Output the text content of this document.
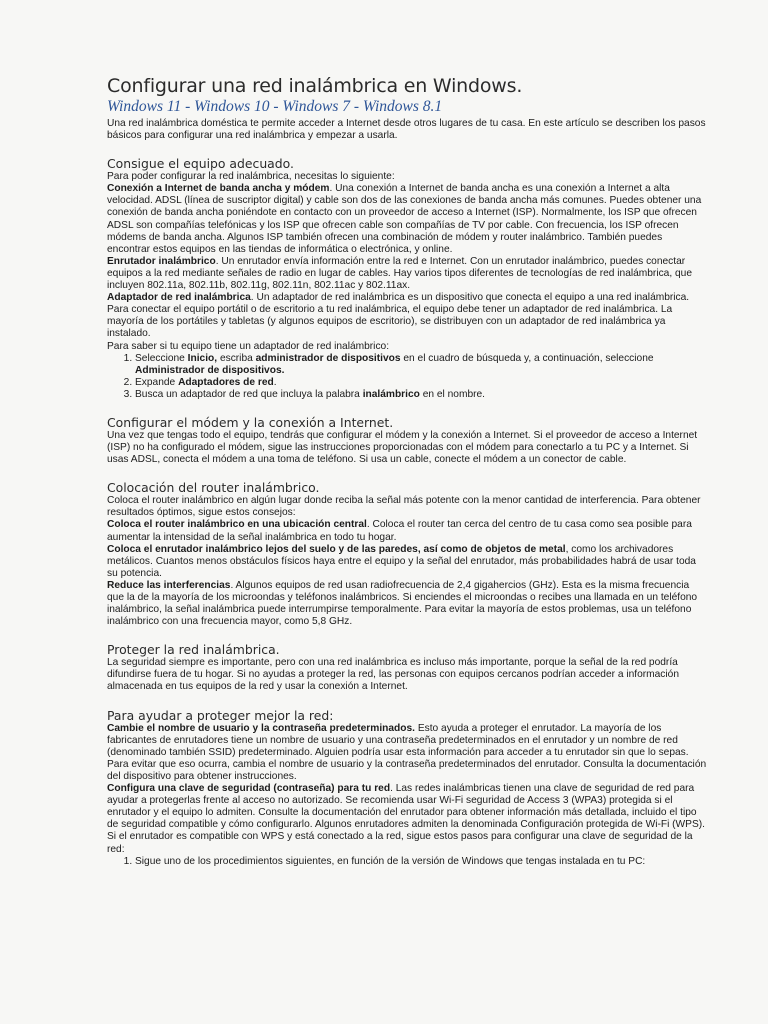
Configurar una red inalámbrica en Windows.
Windows 11 - Windows 10 - Windows 7 - Windows 8.1

Una red inalámbrica doméstica te permite acceder a Internet desde otros lugares de tu casa. En este artículo se describen los pasos básicos para configurar una red inalámbrica y empezar a usarla.

Consigue el equipo adecuado.

Para poder configurar la red inalámbrica, necesitas lo siguiente:

Conexión a Internet de banda ancha y módem. Una conexión a Internet de banda ancha es una conexión a Internet a alta velocidad. ADSL (línea de suscriptor digital) y cable son dos de las conexiones de banda ancha más comunes. Puedes obtener una conexión de banda ancha poniéndote en contacto con un proveedor de acceso a Internet (ISP). Normalmente, los ISP que ofrecen ADSL son compañías telefónicas y los ISP que ofrecen cable son compañías de TV por cable. Con frecuencia, los ISP ofrecen módems de banda ancha. Algunos ISP también ofrecen una combinación de módem y router inalámbrico. También puedes encontrar estos equipos en las tiendas de informática o electrónica, y online.

Enrutador inalámbrico. Un enrutador envía información entre la red e Internet. Con un enrutador inalámbrico, puedes conectar equipos a la red mediante señales de radio en lugar de cables. Hay varios tipos diferentes de tecnologías de red inalámbrica, que incluyen 802.11a, 802.11b, 802.11g, 802.11n, 802.11ac y 802.11ax.

Adaptador de red inalámbrica. Un adaptador de red inalámbrica es un dispositivo que conecta el equipo a una red inalámbrica. Para conectar el equipo portátil o de escritorio a tu red inalámbrica, el equipo debe tener un adaptador de red inalámbrica. La mayoría de los portátiles y tabletas (y algunos equipos de escritorio), se distribuyen con un adaptador de red inalámbrica ya instalado.

Para saber si tu equipo tiene un adaptador de red inalámbrico:

1. Seleccione Inicio, escriba administrador de dispositivos en el cuadro de búsqueda y, a continuación, seleccione Administrador de dispositivos.
2. Expande Adaptadores de red.
3. Busca un adaptador de red que incluya la palabra inalámbrico en el nombre.
Configurar el módem y la conexión a Internet.

Una vez que tengas todo el equipo, tendrás que configurar el módem y la conexión a Internet. Si el proveedor de acceso a Internet (ISP) no ha configurado el módem, sigue las instrucciones proporcionadas con el módem para conectarlo a tu PC y a Internet. Si usas ADSL, conecta el módem a una toma de teléfono. Si usa un cable, conecte el módem a un conector de cable.

Colocación del router inalámbrico.

Coloca el router inalámbrico en algún lugar donde reciba la señal más potente con la menor cantidad de interferencia. Para obtener resultados óptimos, sigue estos consejos:

Coloca el router inalámbrico en una ubicación central. Coloca el router tan cerca del centro de tu casa como sea posible para aumentar la intensidad de la señal inalámbrica en todo tu hogar.

Coloca el enrutador inalámbrico lejos del suelo y de las paredes, así como de objetos de metal, como los archivadores metálicos. Cuantos menos obstáculos físicos haya entre el equipo y la señal del enrutador, más probabilidades habrá de usar toda su potencia.

Reduce las interferencias. Algunos equipos de red usan radiofrecuencia de 2,4 gigahercios (GHz). Esta es la misma frecuencia que la de la mayoría de los microondas y teléfonos inalámbricos. Si enciendes el microondas o recibes una llamada en un teléfono inalámbrico, la señal inalámbrica puede interrumpirse temporalmente. Para evitar la mayoría de estos problemas, usa un teléfono inalámbrico con una frecuencia mayor, como 5,8 GHz.

Proteger la red inalámbrica.

La seguridad siempre es importante, pero con una red inalámbrica es incluso más importante, porque la señal de la red podría difundirse fuera de tu hogar. Si no ayudas a proteger la red, las personas con equipos cercanos podrían acceder a información almacenada en tus equipos de la red y usar la conexión a Internet.

Para ayudar a proteger mejor la red:

Cambie el nombre de usuario y la contraseña predeterminados. Esto ayuda a proteger el enrutador. La mayoría de los fabricantes de enrutadores tiene un nombre de usuario y una contraseña predeterminados en el enrutador y un nombre de red (denominado también SSID) predeterminado. Alguien podría usar esta información para acceder a tu enrutador sin que lo sepas. Para evitar que eso ocurra, cambia el nombre de usuario y la contraseña predeterminados del enrutador. Consulta la documentación del dispositivo para obtener instrucciones.

Configura una clave de seguridad (contraseña) para tu red. Las redes inalámbricas tienen una clave de seguridad de red para ayudar a protegerlas frente al acceso no autorizado. Se recomienda usar Wi-Fi seguridad de Access 3 (WPA3) protegida si el enrutador y el equipo lo admiten. Consulte la documentación del enrutador para obtener información más detallada, incluido el tipo de seguridad compatible y cómo configurarlo. Algunos enrutadores admiten la denominada Configuración protegida de Wi-Fi (WPS). Si el enrutador es compatible con WPS y está conectado a la red, sigue estos pasos para configurar una clave de seguridad de la red:

1. Sigue uno de los procedimientos siguientes, en función de la versión de Windows que tengas instalada en tu PC:
